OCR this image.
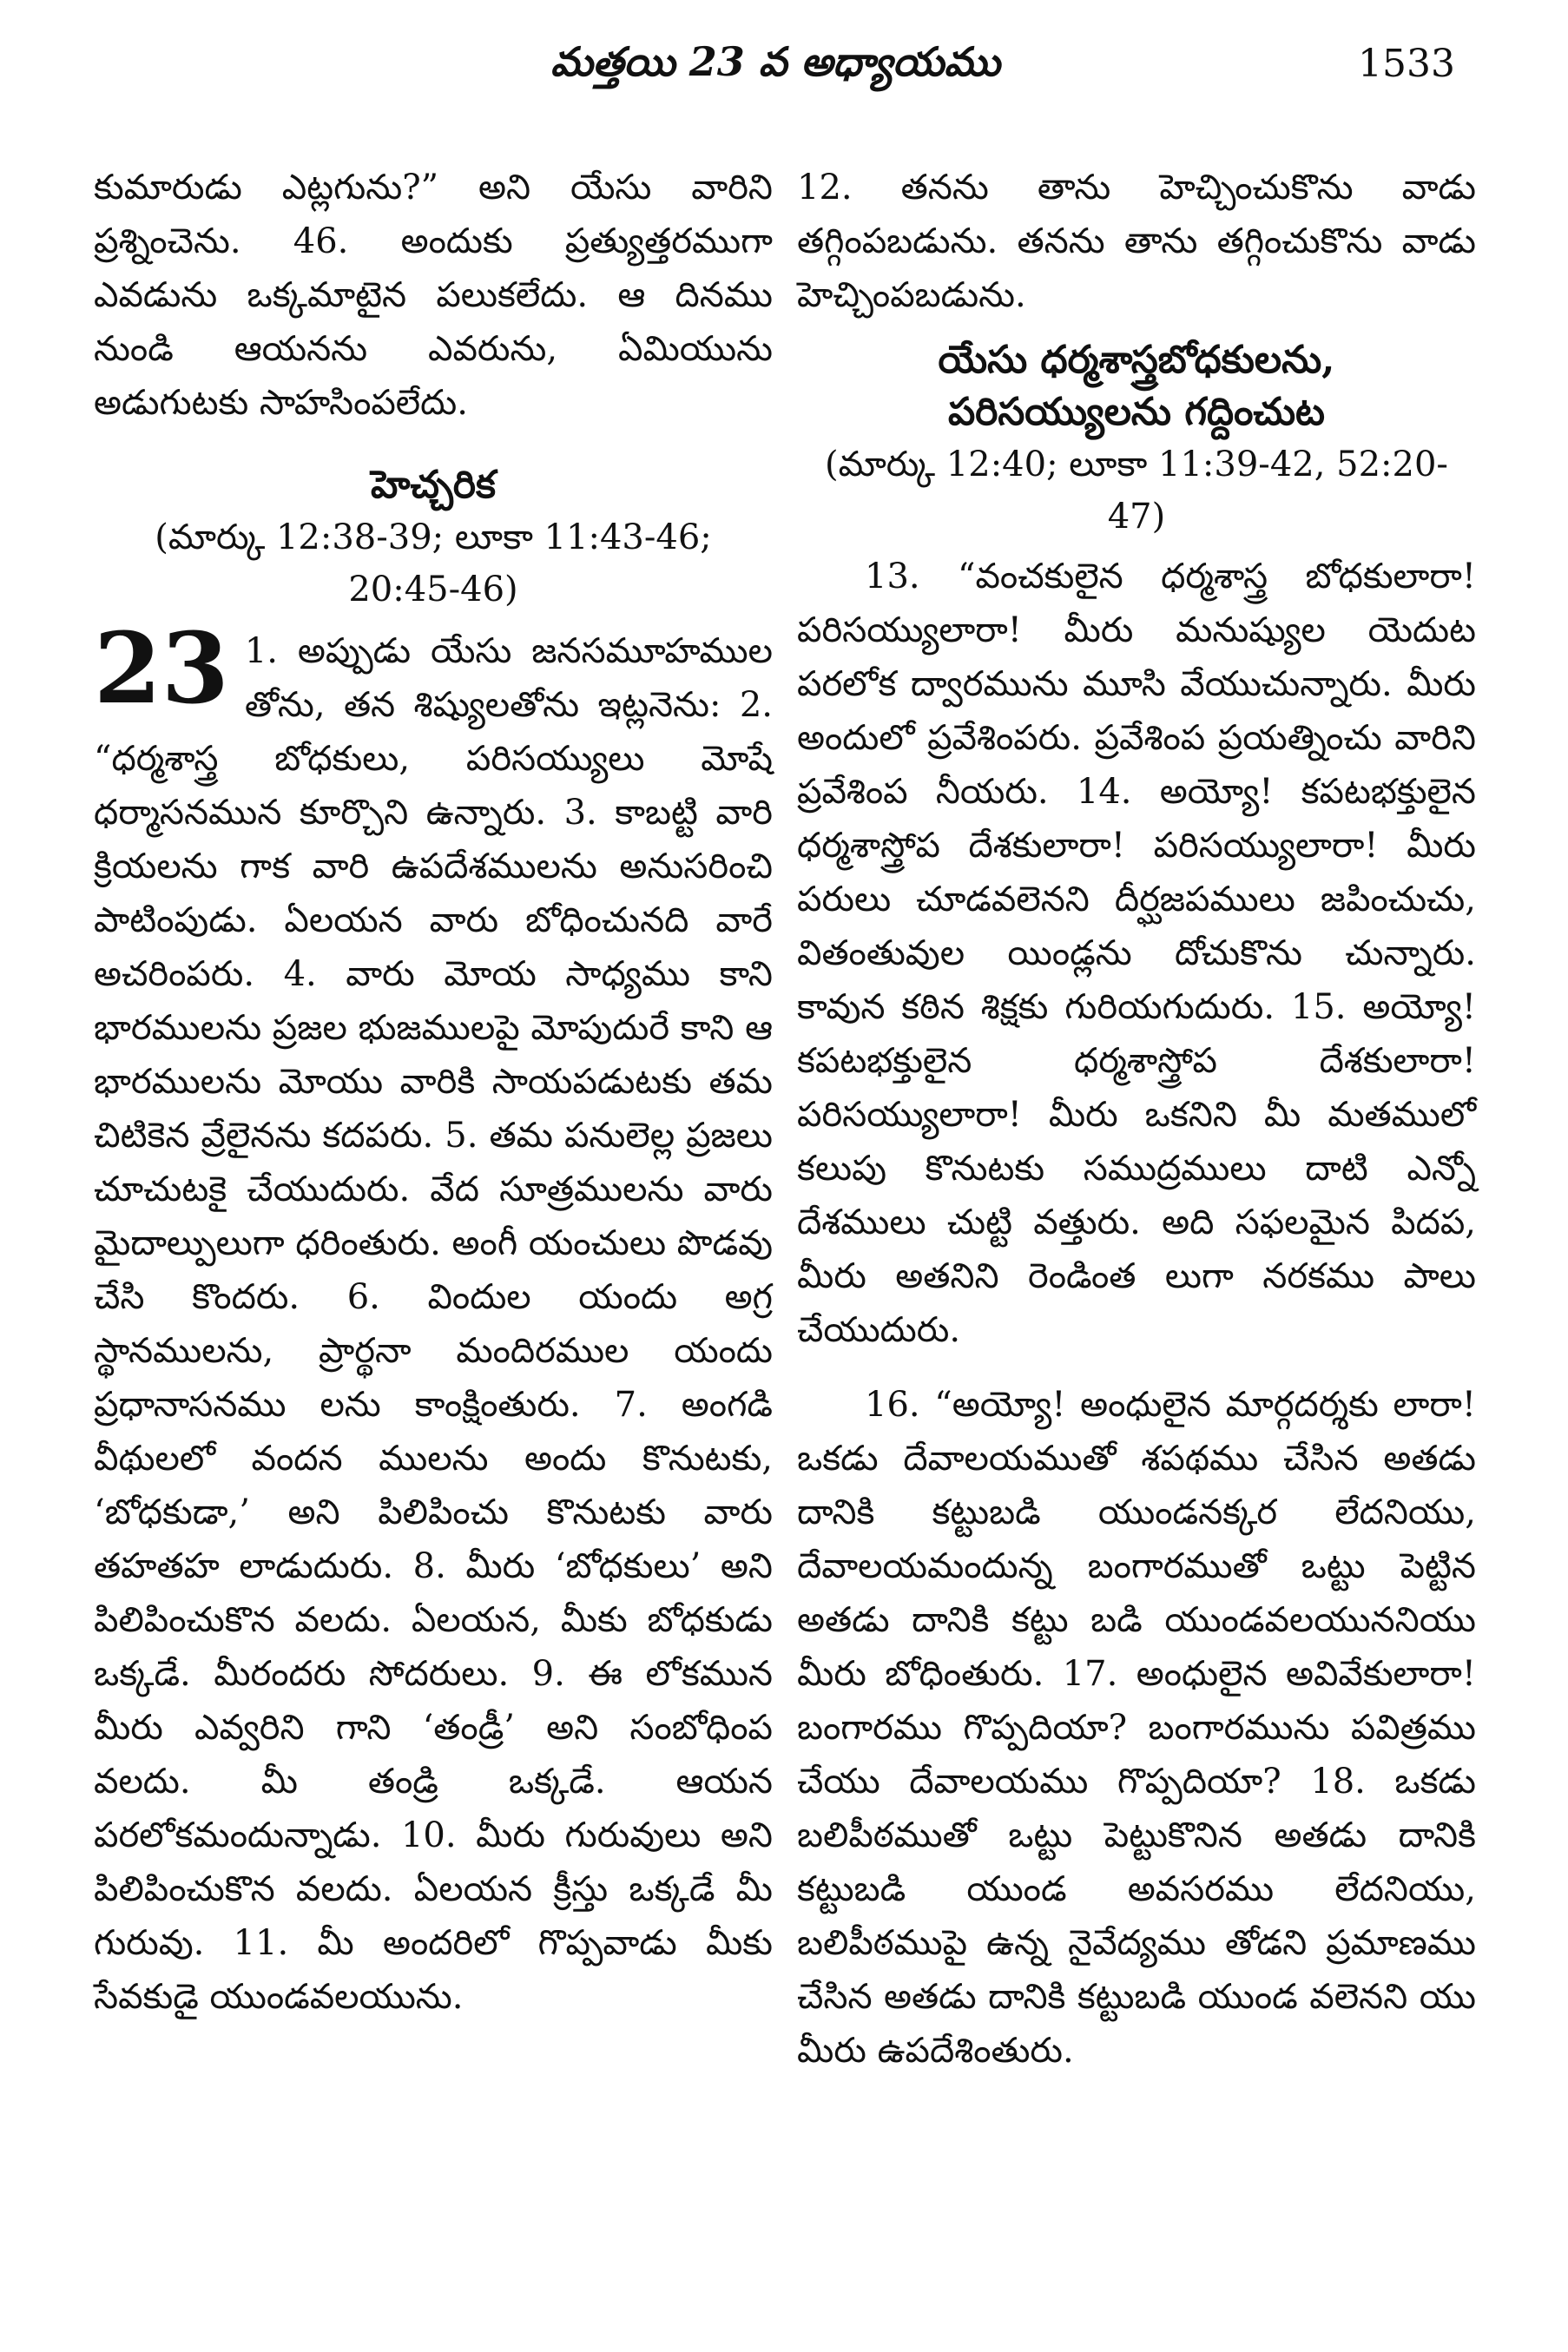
మత్తయి 23 వ అధ్యాయము	1533

కుమారుడు ఎట్లగును?” అని యేసు వారిని ప్రశ్నించెను. 46. అందుకు ప్రత్యుత్తరముగా ఎవడును ఒక్కమాటైన పలుకలేదు. ఆ దినము నుండి ఆయనను ఎవరును, ఏమియును అడుగుటకు సాహసింపలేదు.

హెచ్చరిక
(మార్కు 12:38-39; లూకా 11:43-46; 20:45-46)

23 1. అప్పుడు యేసు జనసమూహముల తోను, తన శిష్యులతోను ఇట్లనెను: 2. “ధర్మశాస్త్ర బోధకులు, పరిసయ్యులు మోషే ధర్మాసనమున కూర్చొని ఉన్నారు. 3. కాబట్టి వారి క్రియలను గాక వారి ఉపదేశములను అనుసరించి పాటింపుడు. ఏలయన వారు బోధించునది వారే అచరింపరు. 4. వారు మోయ సాధ్యము కాని భారములను ప్రజల భుజములపై మోపుదురే కాని ఆ భారములను మోయు వారికి సాయపడుటకు తమ చిటికెన వ్రేలైనను కదపరు. 5. తమ పనులెల్ల ప్రజలు చూచుటకై చేయుదురు. వేద సూత్రములను వారు మైదాల్పులుగా ధరింతురు. అంగీ యంచులు పొడవు చేసి కొందరు. 6. విందుల యందు అగ్ర స్థానములను, ప్రార్థనా మందిరముల యందు ప్రధానాసనము లను కాంక్షింతురు. 7. అంగడి వీథులలో వందన ములను అందు కొనుటకు, ‘బోధకుడా,’ అని పిలిపించు కొనుటకు వారు తహతహ లాడుదురు. 8. మీరు ‘బోధకులు’ అని పిలిపించుకొన వలదు. ఏలయన, మీకు బోధకుడు ఒక్కడే. మీరందరు సోదరులు. 9. ఈ లోకమున మీరు ఎవ్వరిని గాని ‘తండ్రీ’ అని సంబోధింప వలదు. మీ తండ్రి ఒక్కడే. ఆయన పరలోకమందున్నాడు. 10. మీరు గురువులు అని పిలిపించుకొన వలదు. ఏలయన క్రీస్తు ఒక్కడే మీ గురువు. 11. మీ అందరిలో గొప్పవాడు మీకు సేవకుడై యుండవలయును.

12. తనను తాను హెచ్చించుకొను వాడు తగ్గింపబడును. తనను తాను తగ్గించుకొను వాడు హెచ్చింపబడును.

యేసు ధర్మశాస్త్రబోధకులను,
పరిసయ్యులను గద్దించుట
(మార్కు 12:40; లూకా 11:39-42, 52:20-47)

13. “వంచకులైన ధర్మశాస్త్ర బోధకులారా! పరిసయ్యులారా! మీరు మనుష్యుల యెదుట పరలోక ద్వారమును మూసి వేయుచున్నారు. మీరు అందులో ప్రవేశింపరు. ప్రవేశింప ప్రయత్నించు వారిని ప్రవేశింప నీయరు. 14. అయ్యో! కపటభక్తులైన ధర్మశాస్త్రోప దేశకులారా! పరిసయ్యులారా! మీరు పరులు చూడవలెనని దీర్ఘజపములు జపించుచు, వితంతువుల యిండ్లను దోచుకొను చున్నారు. కావున కఠిన శిక్షకు గురియగుదురు. 15. అయ్యో! కపటభక్తులైన ధర్మశాస్త్రోప దేశకులారా! పరిసయ్యులారా! మీరు ఒకనిని మీ మతములో కలుపు కొనుటకు సముద్రములు దాటి ఎన్నో దేశములు చుట్టి వత్తురు. అది సఫలమైన పిదప, మీరు అతనిని రెండింత లుగా నరకము పాలు చేయుదురు.

16. “అయ్యో! అంధులైన మార్గదర్శకు లారా! ఒకడు దేవాలయముతో శపథము చేసిన అతడు దానికి కట్టుబడి యుండనక్కర లేదనియు, దేవాలయమందున్న బంగారముతో ఒట్టు పెట్టిన అతడు దానికి కట్టు బడి యుండవలయుననియు మీరు బోధింతురు. 17. అంధులైన అవివేకులారా! బంగారము గొప్పదియా? బంగారమును పవిత్రము చేయు దేవాలయము గొప్పదియా? 18. ఒకడు బలిపీఠముతో ఒట్టు పెట్టుకొనిన అతడు దానికి కట్టుబడి యుండ అవసరము లేదనియు, బలిపీఠముపై ఉన్న నైవేద్యము తోడని ప్రమాణము చేసిన అతడు దానికి కట్టుబడి యుండ వలెనని యు మీరు ఉపదేశింతురు.
